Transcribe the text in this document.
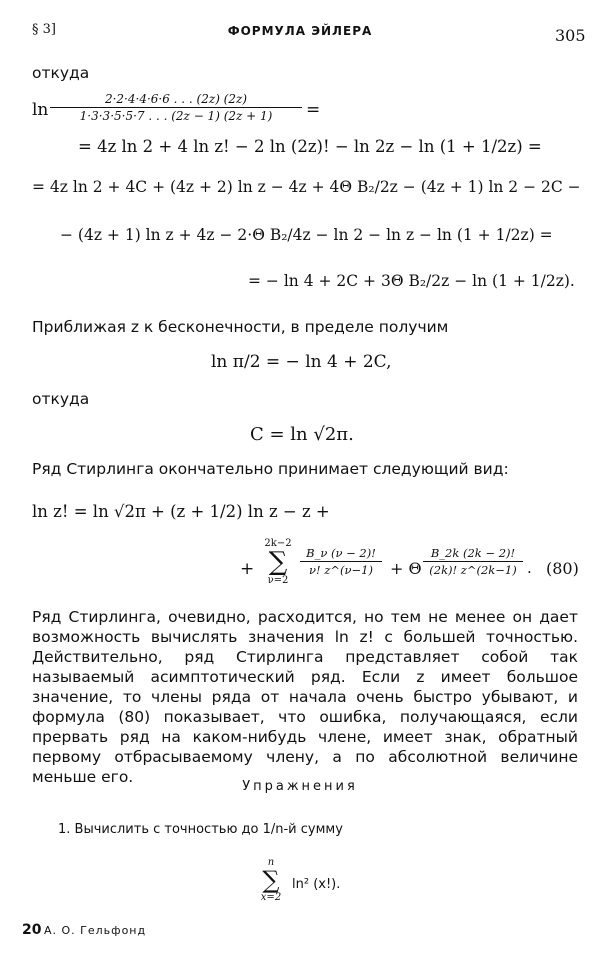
§ 3]	ФОРМУЛА ЭЙЛЕРА	305
откуда
ln
2·2·4·4·6·6 . . . (2z) (2z)
1·3·3·5·5·7 . . . (2z − 1) (2z + 1)	=
= 4z ln 2 + 4 ln z! − 2 ln (2z)! − ln 2z − ln (1 + 1/2z) =
= 4z ln 2 + 4C + (4z + 2) ln z − 4z + 4Θ B₂/2z − (4z + 1) ln 2 − 2C −
− (4z + 1) ln z + 4z − 2·Θ B₂/4z − ln 2 − ln z − ln (1 + 1/2z) =
= − ln 4 + 2C + 3Θ B₂/2z − ln (1 + 1/2z).
Приближая z к бесконечности, в пределе получим
ln π/2 = − ln 4 + 2C,
откуда
C = ln √2π.
Ряд Стирлинга окончательно принимает следующий вид:
ln z! = ln √2π + (z + 1/2) ln z − z +
+
2k−2
∑
ν=2
B_ν (ν − 2)!
ν! z^(ν−1)	+ Θ
B_2k (2k − 2)!
(2k)! z^(2k−1) . (80)
Ряд Стирлинга, очевидно, расходится, но тем не менее он дает возможность вычислять значения ln z! с большей точностью. Действительно, ряд Стирлинга представляет собой так называемый асимптотический ряд. Если z имеет большое значение, то члены ряда от начала очень быстро убывают, и формула (80) показывает, что ошибка, получающаяся, если прервать ряд на каком-нибудь члене, имеет знак, обратный первому отбрасываемому члену, а по абсолютной величине меньше его.
Упражнения
1. Вычислить с точностью до 1/n-й сумму
n
∑
x=2
ln² (x!).
20 А. О. Гельфонд
